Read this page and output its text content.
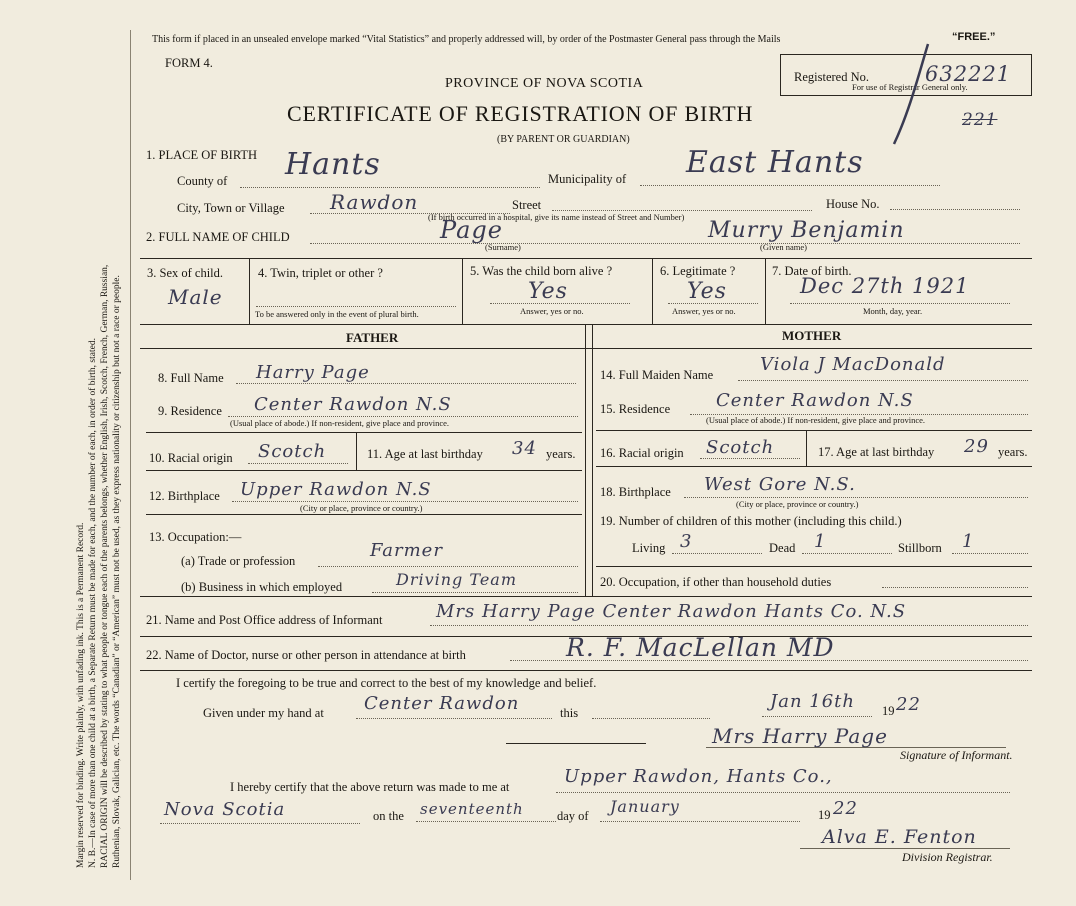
Margin reserved for binding. Write plainly, with unfading ink. This is a Permanent Record. N. B.—In case of more than one child at a birth, a Separate Return must be made for each, and the number of each, in order of birth, stated. RACIAL ORIGIN will be described by stating to what people or tongue each of the parents belongs, whether English, Irish, Scotch, French, German, Russian, Ruthenian, Slovak, Galician, etc. The words “Canadian” or “American” must not be used, as they express nationality or citizenship but not a race or people.
This form if placed in an unsealed envelope marked “Vital Statistics” and properly addressed will, by order of the Postmaster General pass through the Mails	“FREE.”
FORM 4.
PROVINCE OF NOVA SCOTIA
CERTIFICATE OF REGISTRATION OF BIRTH
(BY PARENT OR GUARDIAN)
Registered No.	632221
For use of Registrar General only.
221
1. PLACE OF BIRTH
County of Hants	Municipality of East Hants
City, Town or Village Rawdon	Street	House No.
(If birth occurred in a hospital, give its name instead of Street and Number)
2. FULL NAME OF CHILD	Page
(Surname)
Murry Benjamin
(Given name)
3. Sex of child.
Male
4. Twin, triplet or other ?
To be answered only in the event of plural birth.
5. Was the child born alive ?
Yes
Answer, yes or no.
6. Legitimate ?
Yes
Answer, yes or no.
7. Date of birth.
Dec 27th 1921
Month, day, year.
FATHER	MOTHER
8. Full Name Harry Page
9. Residence Center Rawdon N.S
(Usual place of abode.) If non-resident, give place and province.
10. Racial origin Scotch	11. Age at last birthday 34 years.
12. Birthplace Upper Rawdon N.S
(City or place, province or country.)
13. Occupation:—
(a) Trade or profession	Farmer
(b) Business in which employed	Driving Team
14. Full Maiden Name	Viola J MacDonald
15. Residence	Center Rawdon N.S
(Usual place of abode.) If non-resident, give place and province.
16. Racial origin Scotch	17. Age at last birthday 29 years.
18. Birthplace West Gore N.S.
(City or place, province or country.)
19. Number of children of this mother (including this child.)
Living 3	Dead 1	Stillborn 1
20. Occupation, if other than household duties
21. Name and Post Office address of Informant	Mrs Harry Page Center Rawdon Hants Co. N.S
22. Name of Doctor, nurse or other person in attendance at birth	R. F. MacLellan MD
I certify the foregoing to be true and correct to the best of my knowledge and belief.
Given under my hand at Center Rawdon	this
Jan 16th 19 22
Mrs Harry Page
Signature of Informant.
I hereby certify that the above return was made to me at	Upper Rawdon, Hants Co.,
Nova Scotia	on the seventeenth	day of January	19 22
Alva E. Fenton
Division Registrar.
